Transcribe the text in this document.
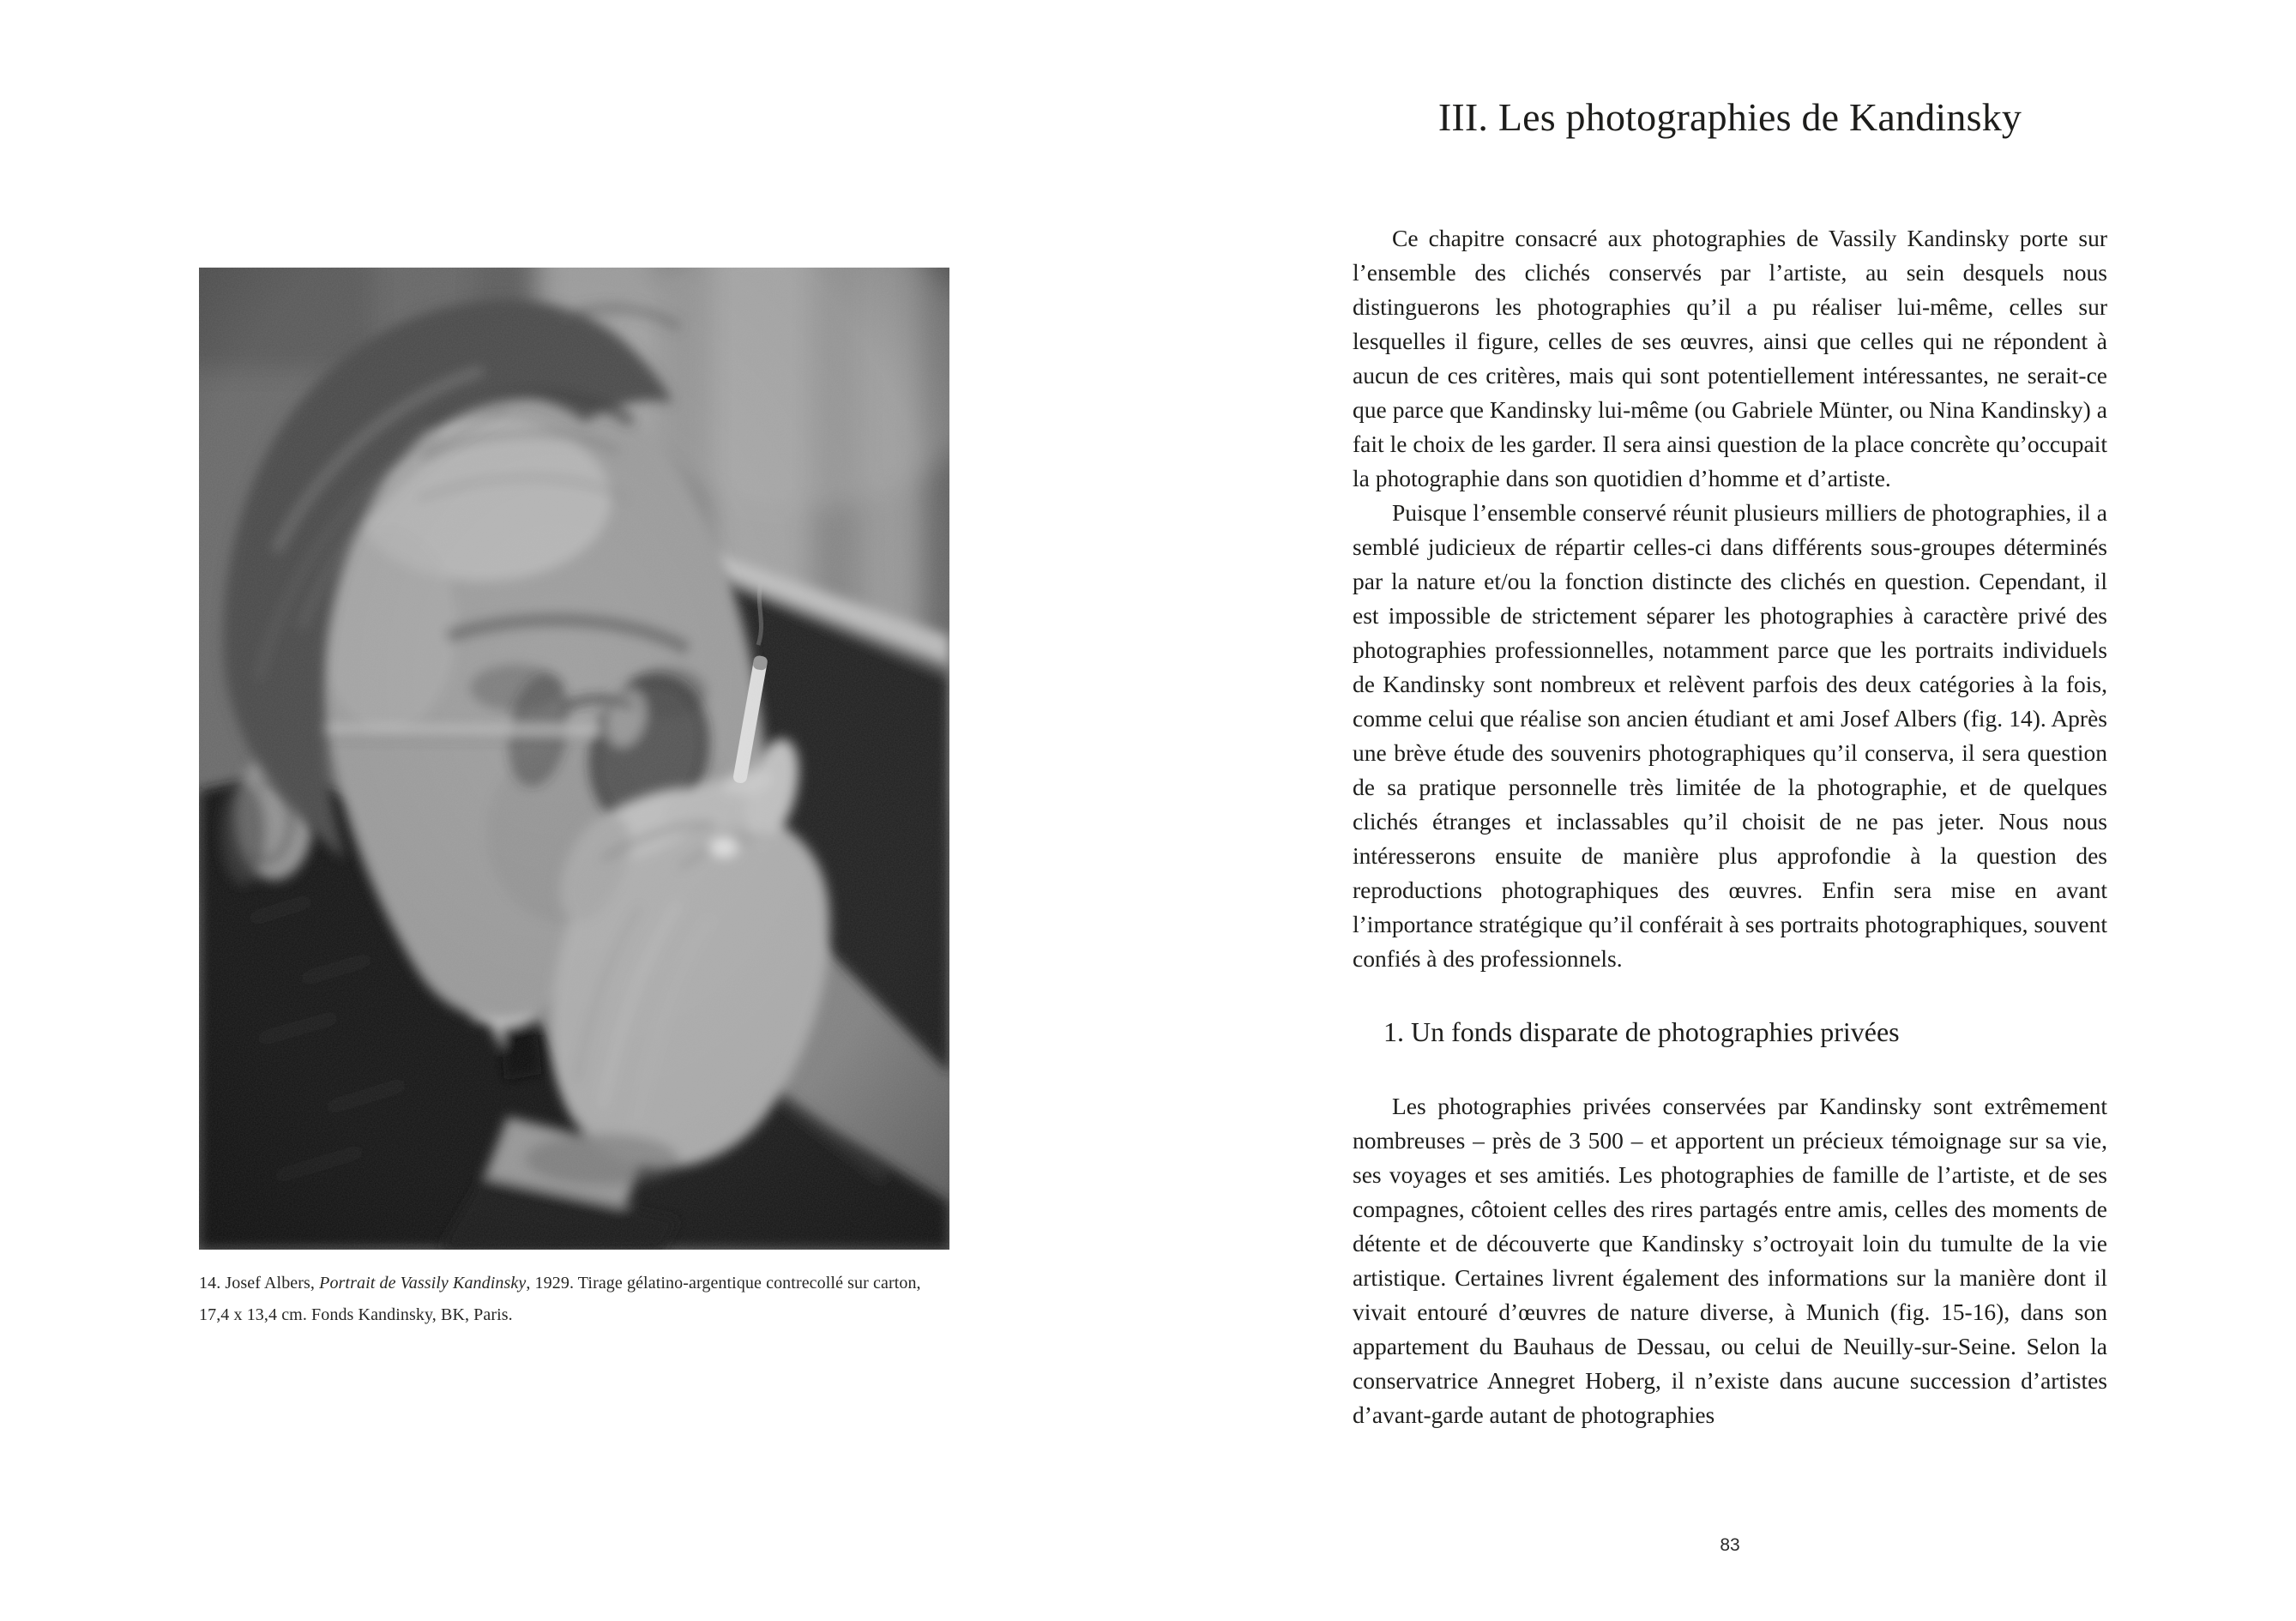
14. Josef Albers, Portrait de Vassily Kandinsky, 1929. Tirage gélatino-argentique contrecollé sur carton,
17,4 x 13,4 cm. Fonds Kandinsky, BK, Paris.
III. Les photographies de Kandinsky

Ce chapitre consacré aux photographies de Vassily Kandinsky porte sur l’ensemble des clichés conservés par l’artiste, au sein desquels nous distinguerons les photographies qu’il a pu réaliser lui-même, celles sur lesquelles il figure, celles de ses œuvres, ainsi que celles qui ne répondent à aucun de ces critères, mais qui sont potentiellement intéressantes, ne serait-ce que parce que Kandinsky lui-même (ou Gabriele Münter, ou Nina Kandinsky) a fait le choix de les garder. Il sera ainsi question de la place concrète qu’occupait la photographie dans son quotidien d’homme et d’artiste.

Puisque l’ensemble conservé réunit plusieurs milliers de photographies, il a semblé judicieux de répartir celles-ci dans différents sous-groupes déterminés par la nature et/ou la fonction distincte des clichés en question. Cependant, il est impossible de strictement séparer les photographies à caractère privé des photographies professionnelles, notamment parce que les portraits individuels de Kandinsky sont nombreux et relèvent parfois des deux catégories à la fois, comme celui que réalise son ancien étudiant et ami Josef Albers (fig. 14). Après une brève étude des souvenirs photographiques qu’il conserva, il sera question de sa pratique personnelle très limitée de la photographie, et de quelques clichés étranges et inclassables qu’il choisit de ne pas jeter. Nous nous intéresserons ensuite de manière plus approfondie à la question des reproductions photographiques des œuvres. Enfin sera mise en avant l’importance stratégique qu’il conférait à ses portraits photographiques, souvent confiés à des professionnels.

1. Un fonds disparate de photographies privées

Les photographies privées conservées par Kandinsky sont extrêmement nombreuses – près de 3 500 – et apportent un précieux témoignage sur sa vie, ses voyages et ses amitiés. Les photographies de famille de l’artiste, et de ses compagnes, côtoient celles des rires partagés entre amis, celles des moments de détente et de découverte que Kandinsky s’octroyait loin du tumulte de la vie artistique. Certaines livrent également des informations sur la manière dont il vivait entouré d’œuvres de nature diverse, à Munich (fig. 15-16), dans son appartement du Bauhaus de Dessau, ou celui de Neuilly-sur-Seine. Selon la conservatrice Annegret Hoberg, il n’existe dans aucune succession d’artistes d’avant-garde autant de photographies

83
